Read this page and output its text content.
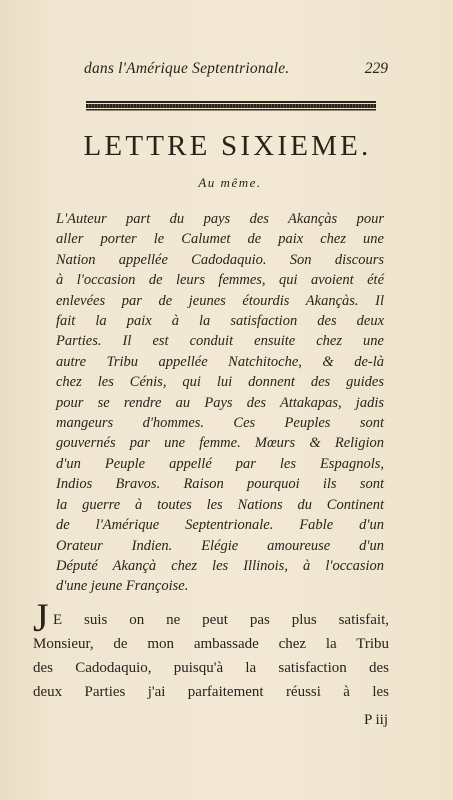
dans l'Amérique Septentrionale.	229
LETTRE SIXIEME.
Au même.
L'Auteur part du pays des Akançàs pour
aller porter le Calumet de paix chez une
Nation appellée Cadodaquio. Son discours
à l'occasion de leurs femmes, qui avoient été
enlevées par de jeunes étourdis Akançàs. Il
fait la paix à la satisfaction des deux
Parties. Il est conduit ensuite chez une
autre Tribu appellée Natchitoche, & de-là
chez les Cénis, qui lui donnent des guides
pour se rendre au Pays des Attakapas, jadis
mangeurs d'hommes. Ces Peuples sont
gouvernés par une femme. Mœurs & Religion
d'un Peuple appellé par les Espagnols,
Indios Bravos. Raison pourquoi ils sont
la guerre à toutes les Nations du Continent
de l'Amérique Septentrionale. Fable d'un
Orateur Indien. Elégie amoureuse d'un
Député Akançà chez les Illinois, à l'occasion
d'une jeune Françoise.
J E suis on ne peut pas plus satisfait,
Monsieur, de mon ambassade chez la Tribu
des Cadodaquio, puisqu'à la satisfaction des
deux Parties j'ai parfaitement réussi à les
P iij
